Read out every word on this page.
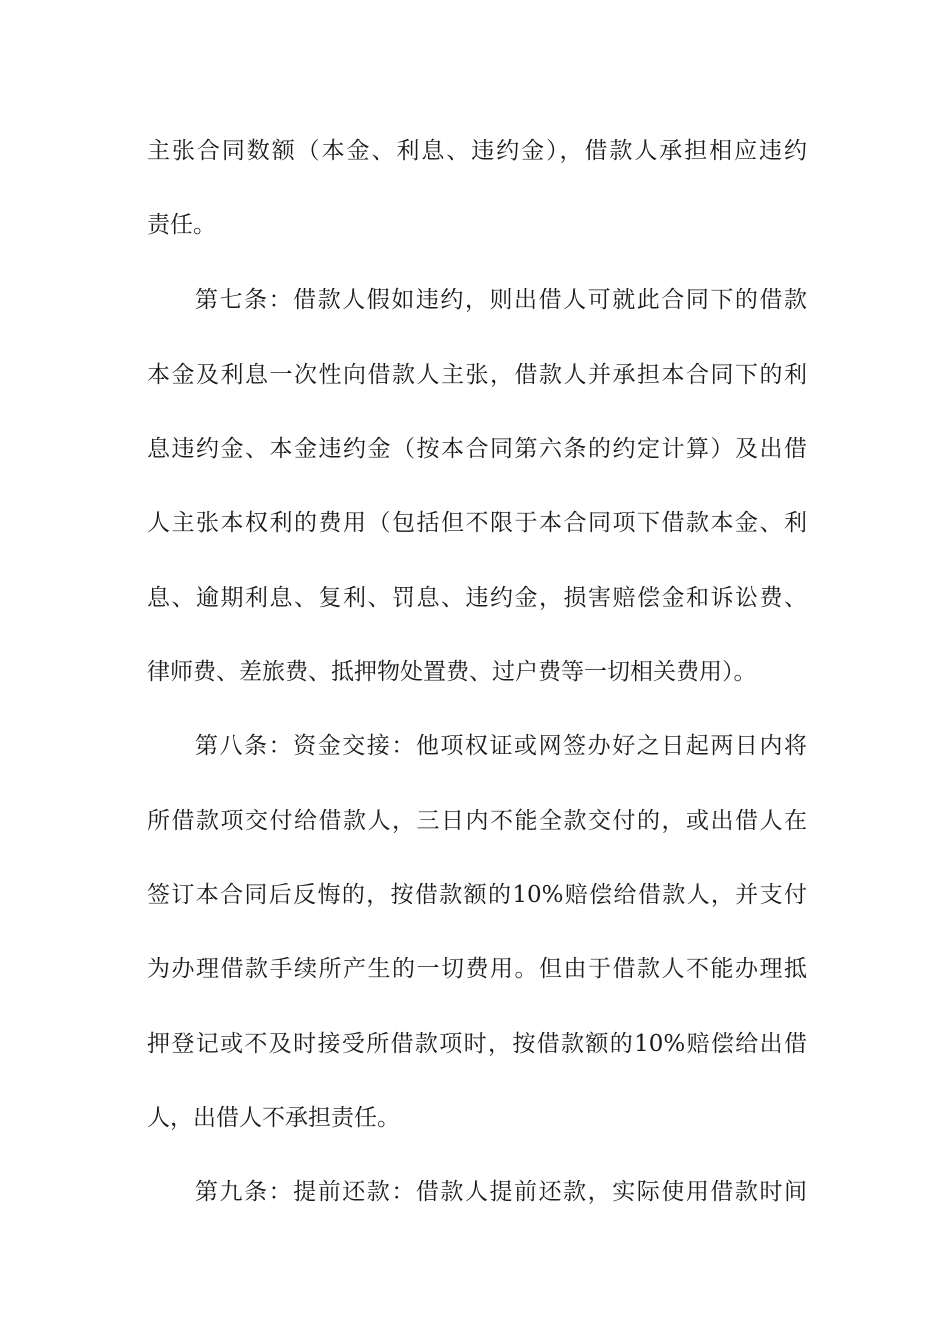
主张合同数额（本金、利息、违约金），借款人承担相应违约
责任。
第七条：借款人假如违约，则出借人可就此合同下的借款
本金及利息一次性向借款人主张，借款人并承担本合同下的利
息违约金、本金违约金（按本合同第六条的约定计算）及出借
人主张本权利的费用（包括但不限于本合同项下借款本金、利
息、逾期利息、复利、罚息、违约金，损害赔偿金和诉讼费、
律师费、差旅费、抵押物处置费、过户费等一切相关费用）。
第八条：资金交接：他项权证或网签办好之日起两日内将
所借款项交付给借款人，三日内不能全款交付的，或出借人在
签订本合同后反悔的，按借款额的10%赔偿给借款人，并支付
为办理借款手续所产生的一切费用。但由于借款人不能办理抵
押登记或不及时接受所借款项时，按借款额的10%赔偿给出借
人，出借人不承担责任。
第九条：提前还款：借款人提前还款，实际使用借款时间
